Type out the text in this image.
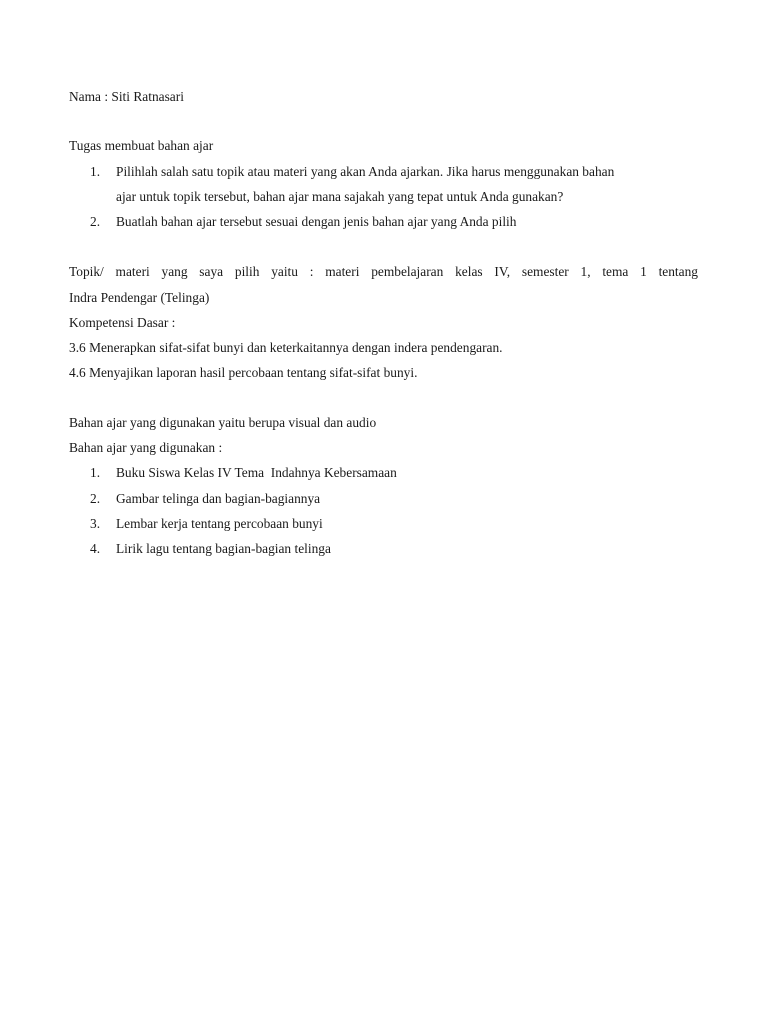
Nama : Siti Ratnasari
Tugas membuat bahan ajar
1. Pilihlah salah satu topik atau materi yang akan Anda ajarkan. Jika harus menggunakan bahan
ajar untuk topik tersebut, bahan ajar mana sajakah yang tepat untuk Anda gunakan?
2. Buatlah bahan ajar tersebut sesuai dengan jenis bahan ajar yang Anda pilih
Topik/ materi yang saya pilih yaitu : materi pembelajaran kelas IV, semester 1, tema 1 tentang
Indra Pendengar (Telinga)
Kompetensi Dasar :
3.6 Menerapkan sifat-sifat bunyi dan keterkaitannya dengan indera pendengaran.
4.6 Menyajikan laporan hasil percobaan tentang sifat-sifat bunyi.
Bahan ajar yang digunakan yaitu berupa visual dan audio
Bahan ajar yang digunakan :
1. Buku Siswa Kelas IV Tema  Indahnya Kebersamaan
2. Gambar telinga dan bagian-bagiannya
3. Lembar kerja tentang percobaan bunyi
4. Lirik lagu tentang bagian-bagian telinga
